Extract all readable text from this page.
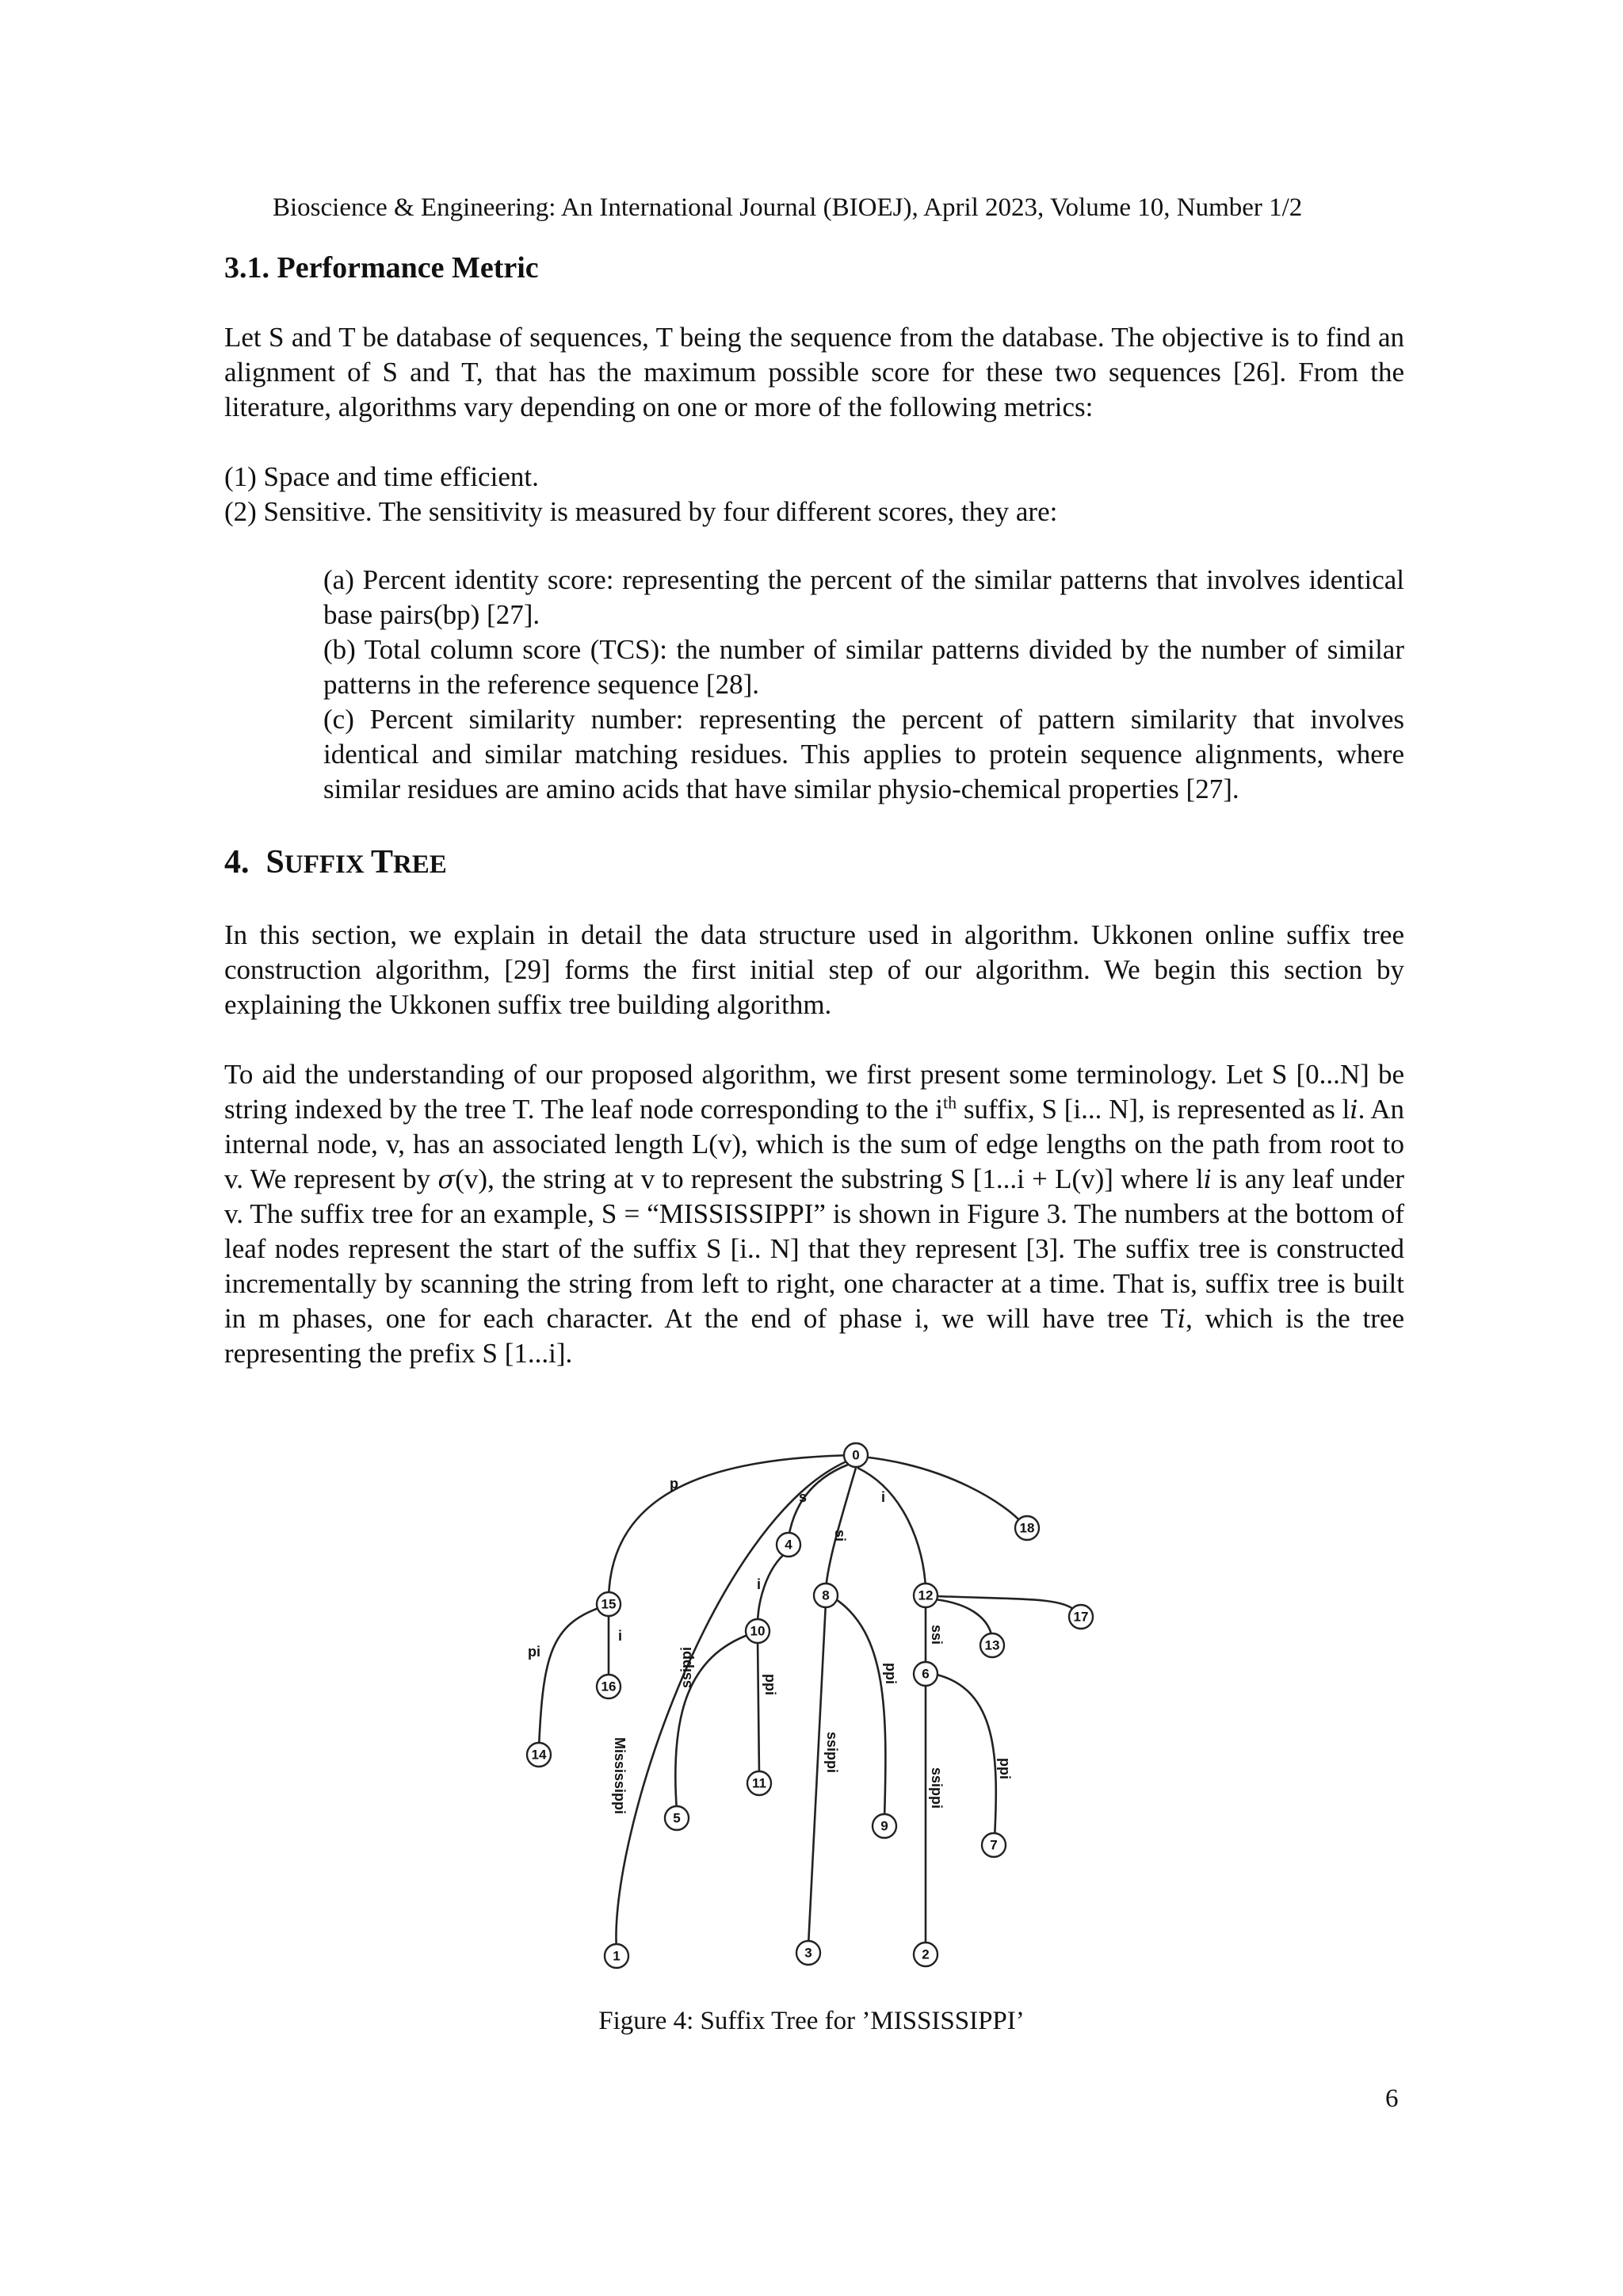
Bioscience & Engineering: An International Journal (BIOEJ), April 2023, Volume 10, Number 1/2
3.1. Performance Metric

Let S and T be database of sequences, T being the sequence from the database. The objective is to find an alignment of S and T, that has the maximum possible score for these two sequences [26]. From the literature, algorithms vary depending on one or more of the following metrics:

(1) Space and time efficient.
(2) Sensitive. The sensitivity is measured by four different scores, they are:

(a) Percent identity score: representing the percent of the similar patterns that involves identical base pairs(bp) [27].

(b) Total column score (TCS): the number of similar patterns divided by the number of similar patterns in the reference sequence [28].

(c) Percent similarity number: representing the percent of pattern similarity that involves identical and similar matching residues. This applies to protein sequence alignments, where similar residues are amino acids that have similar physio-chemical properties [27].

4. SUFFIX TREE

In this section, we explain in detail the data structure used in algorithm. Ukkonen online suffix tree construction algorithm, [29] forms the first initial step of our algorithm. We begin this section by explaining the Ukkonen suffix tree building algorithm.

To aid the understanding of our proposed algorithm, we first present some terminology. Let S [0...N] be string indexed by the tree T. The leaf node corresponding to the $i^{th}$ suffix, S [i... N], is represented as li. An internal node, v, has an associated length L(v), which is the sum of edge lengths on the path from root to v. We represent by σ(v), the string at v to represent the substring S [1...i + L(v)] where li is any leaf under v. The suffix tree for an example, S = “MISSISSIPPI” is shown in Figure 3. The numbers at the bottom of leaf nodes represent the start of the suffix S [i.. N] that they represent [3]. The suffix tree is constructed incrementally by scanning the string from left to right, one character at a time. That is, suffix tree is built in m phases, one for each character. At the end of phase i, we will have tree Ti, which is the tree representing the prefix S [1...i].

p
s
si
i
i
pi
i	ssi
ppi
ppi
ssippi
Mississippi	ssippi
ssippi	ppi
0
4
8
10
12
15
16
14
18
17
13
6
11
9
7
5
1	3	2
Figure 4: Suffix Tree for ’MISSISSIPPI’
6
